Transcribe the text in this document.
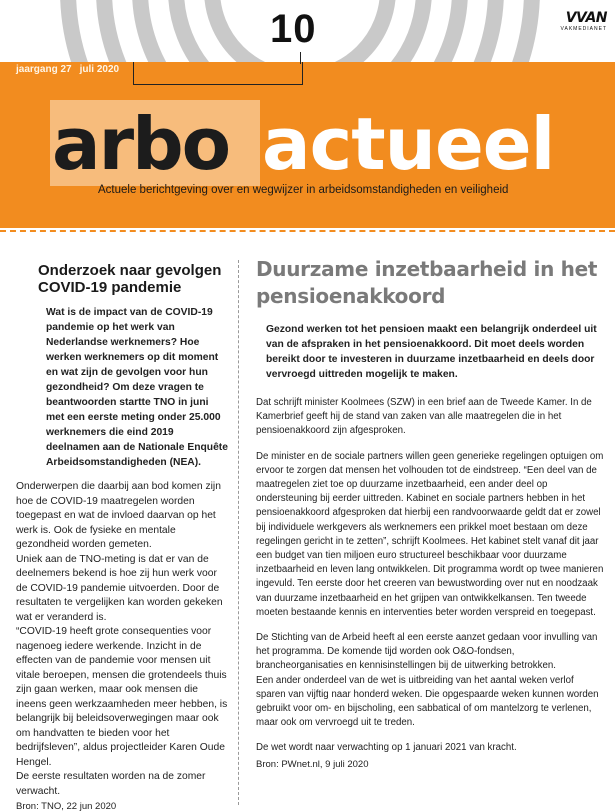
10	VVAN
VAKMEDIANET
jaargang 27 juli 2020
arbo actueel
Actuele berichtgeving over en wegwijzer in arbeidsomstandigheden en veiligheid
Onderzoek naar gevolgen COVID-19 pandemie
Wat is de impact van de COVID-19 pandemie op het werk van Nederlandse werknemers? Hoe werken werknemers op dit moment en wat zijn de gevolgen voor hun gezondheid? Om deze vragen te beantwoorden startte TNO in juni met een eerste meting onder 25.000 werknemers die eind 2019 deelnamen aan de Nationale Enquête Arbeidsomstandigheden (NEA).

Onderwerpen die daarbij aan bod komen zijn hoe de COVID-19 maatregelen worden toegepast en wat de invloed daarvan op het werk is. Ook de fysieke en mentale gezondheid worden gemeten.

Uniek aan de TNO-meting is dat er van de deelnemers bekend is hoe zij hun werk voor de COVID-19 pandemie uitvoerden. Door de resultaten te vergelijken kan worden gekeken wat er veranderd is.

“COVID-19 heeft grote consequenties voor nagenoeg iedere werkende. Inzicht in de effecten van de pandemie voor mensen uit vitale beroepen, mensen die grotendeels thuis zijn gaan werken, maar ook mensen die ineens geen werkzaamheden meer hebben, is belangrijk bij beleidsoverwegingen maar ook om handvatten te bieden voor het bedrijfsleven”, aldus projectleider Karen Oude Hengel.

De eerste resultaten worden na de zomer verwacht.

Bron: TNO, 22 jun 2020
Duurzame inzetbaarheid in het pensioenakkoord
Gezond werken tot het pensioen maakt een belangrijk onderdeel uit van de afspraken in het pensioenakkoord. Dit moet deels worden bereikt door te investeren in duurzame inzetbaarheid en deels door vervroegd uittreden mogelijk te maken.

Dat schrijft minister Koolmees (SZW) in een brief aan de Tweede Kamer. In de Kamerbrief geeft hij de stand van zaken van alle maatregelen die in het pensioenakkoord zijn afgesproken.

De minister en de sociale partners willen geen generieke regelingen optuigen om ervoor te zorgen dat mensen het volhouden tot de eindstreep. “Een deel van de maatregelen ziet toe op duurzame inzetbaarheid, een ander deel op ondersteuning bij eerder uittreden. Kabinet en sociale partners hebben in het pensioenakkoord afgesproken dat hierbij een randvoorwaarde geldt dat er zowel bij individuele werkgevers als werknemers een prikkel moet bestaan om deze regelingen gericht in te zetten”, schrijft Koolmees. Het kabinet stelt vanaf dit jaar een budget van tien miljoen euro structureel beschikbaar voor duurzame inzetbaarheid en leven lang ontwikkelen. Dit programma wordt op twee manieren ingevuld. Ten eerste door het creeren van bewustwording over nut en noodzaak van duurzame inzetbaarheid en het grijpen van ontwikkelkansen. Ten tweede moeten bestaande kennis en interventies beter worden verspreid en toegepast.

De Stichting van de Arbeid heeft al een eerste aanzet gedaan voor invulling van het programma. De komende tijd worden ook O&O-fondsen, brancheorganisaties en kennisinstellingen bij de uitwerking betrokken.

Een ander onderdeel van de wet is uitbreiding van het aantal weken verlof sparen van vijftig naar honderd weken. Die opgespaarde weken kunnen worden gebruikt voor om- en bijscholing, een sabbatical of om mantelzorg te verlenen, maar ook om vervroegd uit te treden.

De wet wordt naar verwachting op 1 januari 2021 van kracht.

Bron: PWnet.nl, 9 juli 2020
